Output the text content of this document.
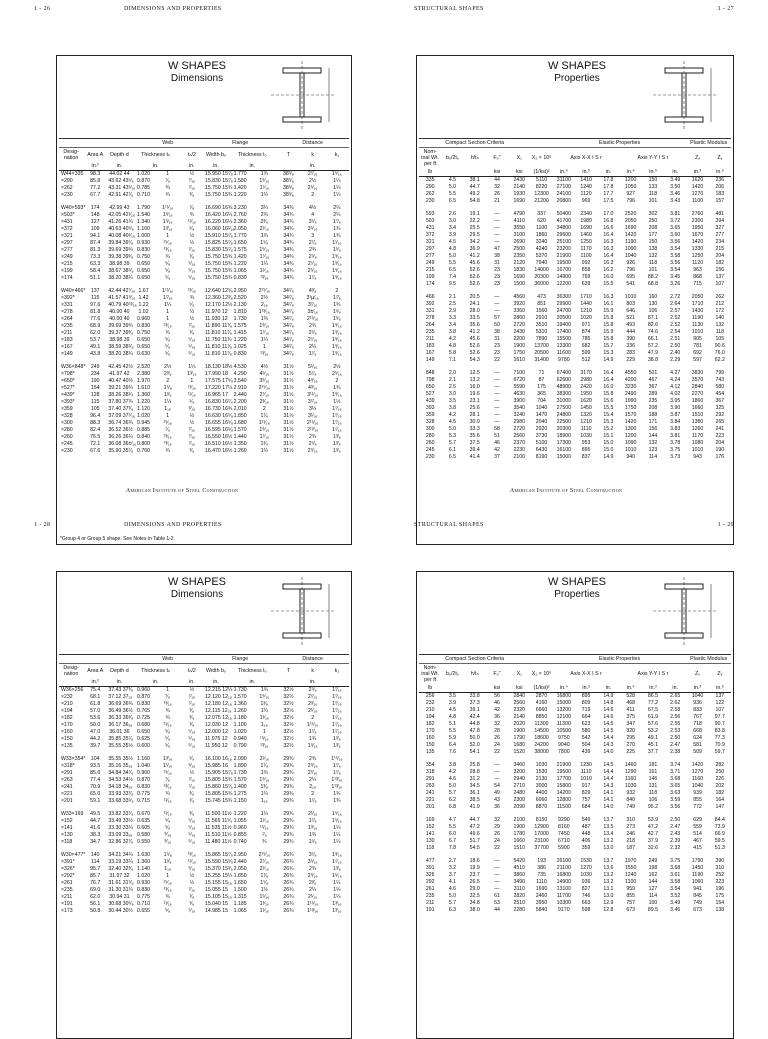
1 - 26	DIMENSIONS AND PROPERTIES
W SHAPES
Dimensions
			Web			Flange			Distance		
Desig- nation	Area A	Depth d	Thickness tₙ		tₙ/2	Width bₒ	Thickness tₒ		T	k	k₁
	in.²	in.	in.		in.	in.	in.		in.		
W44×335	98.3	44.02 44	1.020	1	½	15.950 15⁷⁄₈	1.770	1¾	38⁵⁄₈	2⁷⁄₁₆	1⁵⁄₁₆
×290	85.8	43.62 43⁵⁄₈	0.870	⁷⁄₈	⁷⁄₁₆	15.830 15⁷⁄₈	1.580	1⁹⁄₁₆	38⁵⁄₈	2½	1¼
×262	77.2	43.31 43⁵⁄₁₆	0.785	¾	⁷⁄₁₆	15.750 15¾	1.420	1⁷⁄₁₆	38⁵⁄₈	2⁵⁄₁₆	1¼
×230	67.7	42.91 42⁷⁄₈	0.710	¾	³⁄₈	15.750 15¾	1.220	1¼	38⁵⁄₈	2	1¼

W40×593*	174	42.99 43	1.790	1¹¹⁄₁₆	⁷⁄₈	16.690 16¾	3.230	3¼	34¾	4½	2¼
×503*	148	42.05 42¹⁄₁₆	1.540	1⁹⁄₁₆	¾	16.420 16¼	2.760	2¾	34¾	4	2¼
×431	127	41.26 41¼	1.340	1⁵⁄₁₆	¹¹⁄₁₆	16.220 16¼	2.360	2³⁄₈	34¾	3⁵⁄₈	1⁷⁄₈
×372	109	40.63 40⁵⁄₈	1.160	1³⁄₁₆	⁵⁄₈	16.060 16¹⁄₁₆	2.050	2¹⁄₁₆	34¾	3⁵⁄₁₆	1¾
×321	94.1	40.08 40¹⁄₁₆	1.000	1	½	15.910 15⁷⁄₈	1.770	1¾	34¾	3	1¾
×297	87.4	39.84 39⁷⁄₈	0.930	¹⁵⁄₁₆	½	15.825 15⁷⁄₈	1.650	1⁵⁄₈	34¾	2⁷⁄₈	1¹⁄₁₆
×277	81.3	39.69 39¾	0.830	¹³⁄₁₆	⁷⁄₁₆	15.830 15⁷⁄₈	1.575	1⁹⁄₁₆	34¾	2¾	1⁵⁄₈
×249	73.3	39.38 39³⁄₈	0.750	¾	³⁄₈	15.750 15¾	1.420	1⁷⁄₁₆	34¾	2⁵⁄₈	1⁹⁄₁₆
×215	63.3	38.98 39	0.650	⁵⁄₈	⁵⁄₁₆	15.750 15¾	1.220	1¼	34¾	2⁷⁄₁₆	1⁹⁄₁₆
×199	58.4	38.67 38⁵⁄₈	0.650	⁵⁄₈	⁵⁄₁₆	15.750 15¾	1.065	1¹⁄₁₆	34¾	2⁵⁄₁₆	1⁹⁄₁₆
×174	51.1	38.20 38¼	0.650	⁵⁄₈	⁵⁄₁₆	15.750 15¾	0.830	¹³⁄₁₆	34¾	1⁷⁄₈	1⁹⁄₁₆

W40×466*	137	42.44 42⁷⁄₁₆	1.67	1¹¹⁄₁₆	¹³⁄₁₆	12.640 12⁵⁄₈	2.950	2¹⁵⁄₁₆	34⁷⁄₈	4³⁄₈	2
×392*	115	41.57 41⁹⁄₁₆	1.42	1⁷⁄₁₆	¾	12.360 12³⁄₈	2.520	2½	34⁷⁄₈	3¹µ⁄₁₆	1⁷⁄₈
×331	97.6	40.79 40¹³⁄₁₆	1.22	1¼	⁵⁄₈	12.170 12½	2.130	2₁₈	34⁷⁄₈	3⁷⁄₁₆	1¾
×278	81.8	40.00 40	1.02	1	½	11.970 12	1.810	1¹³⁄₁₆	34⁷⁄₈	3±⁄₁₆	1⁵⁄₈
×264	77.6	40.00 40	0.960	1	½	11.930 12	1.730	1¾	34⁷⁄₈	2¹⁵⁄₁₆	1⁵⁄₈
×235	68.9	39.69 39¾	0.830	¹³⁄₁₆	⁷⁄₁₆	11.890 11⁷⁄₈	1.575	1⁹⁄₁₆	34⁷⁄₈	2¾	1⁹⁄₁₆
×211	62.0	39.37 39³⁄₈	0.750	¾	³⁄₈	11.810 11⁷⁄₈	1.415	1⁷⁄₁₆	34⁷⁄₈	2⁵⁄₈	1⁹⁄₁₆
×183	53.7	38.98 39	0.650	⁵⁄₈	⁵⁄₁₆	11.750 11¾	1.220	1¼	34⁷⁄₈	2⁷⁄₁₆	1⁹⁄₁₆
×167	49.1	38.59 38⁵⁄₈	0.650	⁵⁄₈	⁵⁄₁₆	11.810 11⁷⁄₈	1.025	1	34⁷⁄₈	2¼	1⁹⁄₁₆
×149	43.8	38.20 38¼	0.630	⁵⁄₈	⁵⁄₁₆	11.810 11⁷⁄₈	0.830	¹³⁄₁₆	34⁷⁄₈	1⁷⁄₈	1⁹⁄₁₆

W36×848*	249	42.45 42½	2.520	2½	1¼	18.130 18½	4.530	4½	31½	5¹⁄₁₆	2½
×798*	234	41.97 42	2.380	2³⁄₈	1³⁄₁₆	17.990 18	4.290	4⁵⁄₁₆	31½	5⁷⁄₈	2⁵⁄₁₆
×650*	190	40.47 40½	1.970	2	1	17.575 17⁵⁄₈	3.540	3⁹⁄₁₆	31½	4⁹⁄₁₆	2
×527*	154	39.21 39¼	1.610	1⁵⁄₈	¹³⁄₁₆	17.220 17¼	2.910	2¹⁵⁄₁₆	31½	4³⁄₁₆	1¾
×439*	128	38.26 38¼	1.360	1³⁄₈	¹¹⁄₁₆	16.965 17	2.440	2⁷⁄₁₆	31½	3¹¹⁄₁₆	1⁹⁄₁₆
×393*	115	37.80 37¾	1.220	1¼	⁵⁄₈	16.830 16⁷⁄₈	2.200	2³⁄₁₆	31½	3⁷⁄₁₆	1½
×359	105	37.40 37³⁄₈	1.120	1₁₈	⁹⁄₁₆	16.730 16¾	2.010	2	31½	3¼	1⁷⁄₁₆
×328	96.4	37.09 37¹⁄₁₆	1.020	1	½	16.630 16⁵⁄₈	1.850	1⁷⁄₈	31½	3¹⁄₁₆	1⁷⁄₁₆
×300	88.3	36.74 36¾	0.945	¹⁵⁄₁₆	½	16.655 16⁵⁄₈	1.680	1¹¹⁄₁₆	31½	2¹⁵⁄₁₆	1⁷⁄₁₆
×280	82.4	36.52 36½	0.885	⁷⁄₈	⁷⁄₁₆	16.595 16⁵⁄₈	1.570	1⁹⁄₁₆	31½	2¹³⁄₁₆	1⁷⁄₁₆
×260	76.5	36.26 36¼	0.840	¹³⁄₁₆	⁷⁄₁₆	16.550 16½	1.440	1⁷⁄₁₆	31½	2¾	1³⁄₈
×245	72.1	36.08 36±⁄₁₆	0.800	¹³⁄₁₆	⁷⁄₁₆	16.510 16½	1.350	1³⁄₈	31½	2⁵⁄₈	1³⁄₈
×230	67.6	35.90 35⁷⁄₈	0.760	¾	³⁄₈	16.470 16½	1.260	1¼	31½	2⁹⁄₁₆	1³⁄₈
*Group 4 or Group 5 shape. See Notes in Table 1-2.
American Institute of Steel Construction
STRUCTURAL SHAPES	1 - 27
W SHAPES
Properties
	Compact Section Criteria					Elastic Properties						Plastic Modulus	
Nom- inal Wt. per ft	bₒ/2tₒ	h/tₙ	Fₒ″	X₁	X₂ × 10⁶	Axis X-X I S r			Axis Y-Y I S r			Zₓ	Zᵧ
lb			ksi	ksi	(1/ksi)²	in.⁴	in.³	in.	in.⁴	in.³	in.	in.³	in.³
335	4.5	38.1	44	2430	5110	31100	1410	17.8	1200	150	3.49	1620	236
290	5.0	44.7	32	2140	8220	27100	1240	17.8	1050	133	3.50	1420	206
262	5.5	49.2	26	1930	12300	24100	1120	17.7	927	118	3.46	1270	183
230	6.5	54.8	21	1690	21200	20800	969	17.5	796	101	3.43	1100	157

593	2.6	19.1	—	4790	337	50400	2340	17.0	2520	302	3.81	2760	481
503	3.0	22.2	—	4110	620	41700	1980	16.8	2050	250	3.72	2300	394
431	3.4	25.5	—	3550	1100	34800	1690	16.6	1690	208	3.65	1950	327
372	3.9	29.5	—	3100	1860	29600	1460	16.4	1420	177	3.60	1670	277
321	4.5	34.2	—	2690	3240	25100	1250	16.3	1190	150	3.56	1420	234
297	4.8	36.9	47	2500	4240	23200	1170	16.3	1090	138	3.54	1330	215
277	5.0	41.2	38	2350	5370	21900	1100	16.4	1040	132	3.58	1250	204
249	5.5	45.6	31	2120	7940	19500	992	16.3	926	118	3.56	1120	182
215	6.5	52.6	23	1830	14000	16700	858	16.2	796	101	3.54	963	156
199	7.4	52.6	23	1690	20300	14900	769	16.0	695	88.2	3.45	868	137
174	9.5	52.6	23	1500	36000	12200	639	15.5	541	68.8	3.26	715	107

466	2.1	20.5	—	4560	473	36300	1710	16.3	1010	160	2.72	2050	262
392	2.5	24.1	—	3920	851	29900	1440	16.1	803	130	2.64	1710	212
331	2.9	28.0	—	3360	1560	24700	1210	15.9	646	106	2.57	1430	172
278	3.3	33.5	57	2860	2910	20500	1020	15.8	521	87.1	2.52	1190	140
264	3.4	35.6	50	2720	3510	19400	971	15.8	493	82.6	2.52	1130	132
235	3.8	41.2	38	2430	5310	17400	874	15.9	444	74.6	2.54	1010	118
211	4.2	45.6	31	2200	7890	15500	785	15.8	390	66.1	2.51	905	105
183	4.8	52.6	23	1900	13700	13300	682	15.7	336	57.2	2.50	781	90.6
167	5.8	52.6	23	1750	20500	11600	599	15.3	283	47.9	2.40	692	76.0
149	7.1	54.3	22	1610	31400	9780	512	14.9	229	38.8	2.29	597	62.2

848	2.0	12.5	—	7100	71	67400	3170	16.4	4550	501	4.27	3830	799
798	2.1	13.2	—	6720	87	62600	2980	16.4	4200	467	4.24	3570	743
650	2.5	16.0	—	5590	175	48900	2420	16.0	3230	367	4.12	2840	580
527	3.0	19.6	—	4630	365	38300	1950	15.8	2490	289	4.02	2270	454
439	3.5	23.1	—	3900	704	31000	1620	15.6	1990	235	3.95	1860	367
393	3.8	25.6	—	3540	1040	27500	1450	15.5	1750	208	3.90	1660	325
359	4.2	28.1	—	3240	1470	24800	1320	15.4	1570	188	3.87	1510	292
328	4.5	30.9	—	2980	2040	22500	1210	15.3	1420	171	3.84	1380	265
300	5.0	33.3	58	2720	2920	20300	1110	15.2	1300	156	3.83	1260	241
280	5.3	35.6	51	2560	3730	18900	1030	15.1	1200	144	3.81	1170	223
260	5.7	37.5	46	2370	5100	17300	953	15.0	1090	132	3.78	1080	204
245	6.1	39.4	42	2230	6430	16100	895	15.0	1010	123	3.75	1010	190
230	6.5	41.4	37	2100	8190	15000	837	14.9	940	114	3.73	943	176
American Institute of Steel Construction
1 - 28	DIMENSIONS AND PROPERTIES
W SHAPES
Dimensions
			Web			Flange			Distance		
Desig- nation	Area A	Depth d	Thickness tₙ		tₙ/2	Width bₒ	Thickness tₒ		T	k	k₁
	in.²	in.	in.		in.	in.	in.		in.		
W36×256	75.4	37.43 37³⁄₈	0.960	1	½	12.215 12¼	1.730	1¾	32½	2⁵⁄₈	1⁷⁄₁₆
×232	68.1	37.12 37₁₈	0.870	⁷⁄₈	⁷⁄₁₆	12.120 12₁₈	1.570	1⁹⁄₁₆	32½	2⁷⁄₁₆	1⁷⁄₁₆
×210	61.8	36.69 36¾	0.830	¹³⁄₁₆	⁷⁄₁₆	12.180 12₁₈	1.360	1³⁄₈	32½	2³⁄₁₆	1⁷⁄₁₆
×194	57.0	36.49 36½	0.765	¾	³⁄₈	12.115 12₁₈	1.260	1¼	32½	2¹⁄₁₆	1⁷⁄₁₆
×182	53.6	36.33 36³⁄₈	0.725	¾	³⁄₈	12.075 12₁₈	1.180	1³⁄₁₆	32½	2	1⁷⁄₁₆
×170	50.0	36.17 36₁₈	0.680	¹¹⁄₁₆	³⁄₈	12.030 12	1.100	1₁₈	32½	1¹⁵⁄₁₆	1⁷⁄₁₆
×160	47.0	36.01 36	0.650	⁵⁄₈	⁵⁄₁₆	12.000 12	1.020	1	32½	1⁷⁄₈	1⁷⁄₁₆
×150	44.2	35.85 35⁷⁄₈	0.625	⁵⁄₈	⁵⁄₁₆	11.975 12	0.940	¹⁵⁄₁₆	32½	1¾	1³⁄₈
×135	39.7	35.55 35½	0.600	⁵⁄₈	⁵⁄₁₆	11.950 12	0.790	¹³⁄₁₆	32½	1⁹⁄₁₆	1³⁄₈

W33×354*	104	35.55 35½	1.160	1³⁄₁₆	⁵⁄₈	16.100 16₁₈	2.090	2¹⁄₁₆	29¾	2¾	1¹⁵⁄₁₆
×318*	93.5	35.16 35₁₈	1.040	1¹⁄₁₆	⁹⁄₁₆	15.985 16	1.890	1⁷⁄₈	29¾	2⁹⁄₁₆	1⁷⁄₈
×291	85.6	34.84 34⁷⁄₈	0.960	¹⁵⁄₁₆	½	15.905 15⁷⁄₈	1.730	1¾	29¾	2⁷⁄₁₆	1⁷⁄₈
×263	77.4	34.53 34½	0.870	⁷⁄₈	⁷⁄₁₆	15.805 15¾	1.570	1⁹⁄₁₆	29¾	2¼	1¹³⁄₁₆
×241	70.9	34.18 34₁₈	0.830	¹³⁄₁₆	⁷⁄₁₆	15.860 15⁷⁄₈	1.400	1³⁄₈	29¾	2₁₈	1¹³⁄₁₆
×221	65.0	33.93 33⁷⁄₈	0.775	¾	³⁄₈	15.805 15¾	1.275	1¼	29¾	2	1¾
×201	59.1	33.68 33⁵⁄₈	0.715	¹¹⁄₁₆	³⁄₈	15.745 15¾	1.150	1₁₈	29¾	1⁷⁄₈	1¾

W33×169	49.5	33.82 33⁷⁄₈	0.670	¹¹⁄₁₆	³⁄₈	11.500 11½	1.220	1¼	29¾	2¹⁄₁₆	1⁵⁄₁₆
×152	44.7	33.49 33½	0.635	⁵⁄₈	⁵⁄₁₆	11.565 11⁵⁄₈	1.055	1¹⁄₁₆	29¾	1⁷⁄₈	1⁵⁄₁₆
×141	41.6	33.30 33¼	0.605	⁵⁄₈	⁵⁄₁₆	11.535 11½	0.960	¹⁵⁄₁₆	29¾	1³⁄₁₆	1¼
×130	38.3	33.09 33₁₈	0.580	⁹⁄₁₆	⁵⁄₁₆	11.510 11½	0.855	⁷⁄₈	29¾	1¾	1¼
×118	34.7	32.86 32⁷⁄₈	0.550	⁹⁄₁₆	⁵⁄₁₆	11.480 11½	0.740	¾	29¾	1⁵⁄₈	1¼

W30×477*	140	34.21 34¼	1.630	1⁵⁄₈	¹³⁄₁₆	15.865 15⁷⁄₈	2.950	2¹⁵⁄₁₆	26¾	3⁷⁄₈	1⁹⁄₁₆
×391*	114	33.19 33¼	1.360	1³⁄₈	¹¹⁄₁₆	15.590 15⁵⁄₈	2.440	2⁷⁄₁₆	26¾	3⁵⁄₁₆	1⁷⁄₁₆
×326*	95.7	32.40 32³⁄₈	1.140	1₁₈	⁹⁄₁₆	15.370 15³⁄₈	2.050	2¹⁄₁₆	26¾	2¾	1³⁄₈
×292*	85.7	31.97 32	1.020	1	½	15.255 15¼	1.850	1⁷⁄₈	26¾	2⁹⁄₁₆	1⁵⁄₁₆
×261	76.7	31.61 31⁵⁄₈	0.930	¹⁵⁄₁₆	½	15.155 15₁₈	1.650	1⁵⁄₈	26¾	2³⁄₈	1¼
×235	69.0	31.30 31¼	0.830	¹³⁄₁₆	⁷⁄₁₆	15.055 15	1.500	1½	26¾	2¼	1¼
×211	62.0	30.94 31	0.775	¾	³⁄₈	15.105 15₁₈	1.315	1⁵⁄₁₆	26¾	2¹⁄₁₆	1¼
×191	56.1	30.68 30⁵⁄₈	0.710	¹¹⁄₁₆	³⁄₈	15.040 15	1.185	1³⁄₁₆	26¾	1¹⁵⁄₁₆	1³⁄₁₆
×173	50.8	30.44 30½	0.655	⁵⁄₈	⁵⁄₁₆	14.985 15	1.065	1¹⁄₁₆	26¾	1¹³⁄₁₆	1³⁄₁₆
STRUCTURAL SHAPES	1 - 29
W SHAPES
Properties
	Compact Section Criteria					Elastic Properties						Plastic Modulus	
Nom- inal Wt. per ft	bₒ/2tₒ	h/tₙ	Fₒ″	X₁	X₂ × 10⁶	Axis X-X I S r			Axis Y-Y I S r			Zₓ	Zᵧ
lb			ksi	ksi	(1/ksi)²	in.⁴	in.³	in.	in.⁴	in.³	in.	in.³	in.³
256	3.5	33.8	56	2840	2870	16800	895	14.9	528	86.5	2.65	1040	137
232	3.9	37.3	46	2560	4160	15000	809	14.8	468	77.2	2.62	936	122
210	4.5	39.1	42	2320	6660	13200	719	14.6	411	67.5	2.58	833	107
194	4.8	42.4	36	2140	8850	12100	664	14.6	375	61.9	2.56	767	97.7
182	5.1	44.8	32	2020	11300	11300	623	14.5	347	57.6	2.55	718	90.7
170	5.5	47.8	28	1900	14500	10500	580	14.5	320	53.2	2.53	668	83.8
160	5.9	50.0	26	1790	18600	9750	542	14.4	295	49.1	2.50	624	77.3
150	6.4	52.0	24	1680	24200	9040	504	14.3	270	45.1	2.47	581	70.9
135	7.6	54.1	22	1520	38000	7800	439	14.0	225	37.7	2.38	509	59.7

354	3.8	25.8	—	3460	1030	21900	1230	14.5	1460	181	3.74	1420	282
318	4.2	28.8	—	3200	1530	19500	1110	14.4	1290	161	3.71	1270	250
291	4.6	31.2	—	2940	2130	17700	1010	14.4	1160	146	3.68	1160	226
263	5.0	34.5	54	2710	3000	15800	917	14.3	1030	131	3.65	1040	202
241	5.7	36.1	49	2480	4400	14200	829	14.1	932	118	3.63	939	182
221	6.2	38.5	43	2300	6060	12800	757	14.1	840	106	3.59	855	164
201	6.8	41.9	36	2090	8870	11500	684	14.0	749	95.2	3.56	772	147

169	4.7	44.7	32	2100	8150	9290	549	13.7	310	53.9	2.50	629	84.4
152	5.5	47.2	29	1900	12900	8160	487	13.5	273	47.2	2.47	559	73.9
141	6.0	49.6	26	1780	17000	7450	448	13.4	246	42.7	2.43	514	66.9
130	6.7	51.7	24	1660	23100	6710	406	13.2	218	37.9	2.39	467	59.5
118	7.8	54.5	22	1510	37700	5900	359	13.0	187	32.6	2.32	415	51.3

477	2.7	18.6	—	5420	193	26100	1530	13.7	1970	249	3.75	1790	390
391	3.2	19.9	—	4510	386	21100	1270	13.6	1550	198	3.68	1450	310
326	3.7	23.7	—	3860	735	16800	1030	13.2	1240	162	3.61	1190	252
292	4.1	26.5	—	3490	1110	14900	936	13.2	1100	144	3.58	1060	223
261	4.6	29.0	—	3110	1690	13100	827	13.1	959	127	3.54	941	196
235	5.0	32.5	61	2820	2460	11700	746	13.0	855	114	3.52	845	175
211	5.7	34.8	53	2510	3950	10300	663	12.9	757	100	3.49	749	154
191	6.3	38.0	44	2280	5840	9170	598	12.8	673	89.5	3.46	673	138
